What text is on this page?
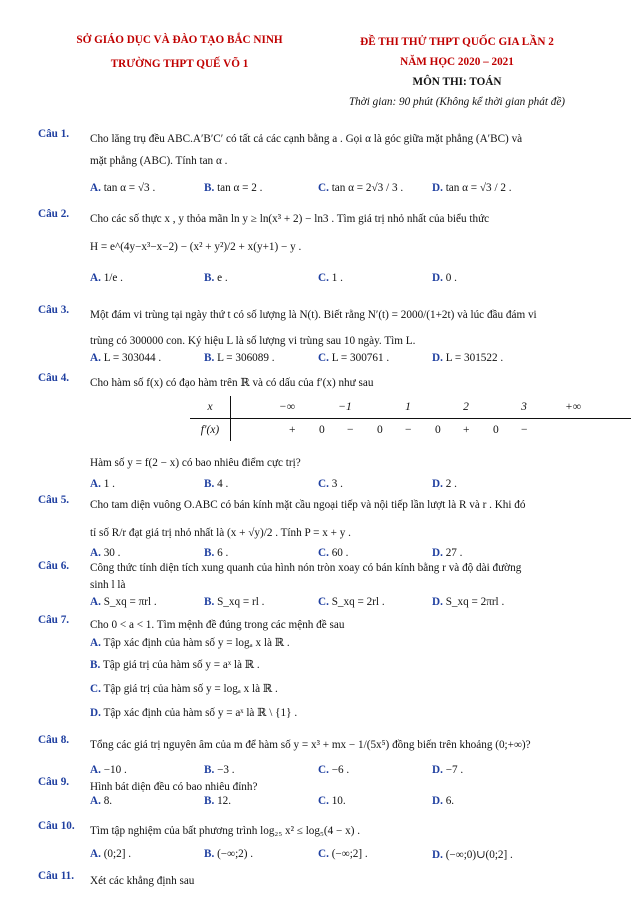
SỞ GIÁO DỤC VÀ ĐÀO TẠO BẮC NINH
TRƯỜNG THPT QUẾ VÕ 1
ĐỀ THI THỬ THPT QUỐC GIA LẦN 2
NĂM HỌC 2020 – 2021
MÔN THI: TOÁN
Thời gian: 90 phút (Không kể thời gian phát đề)
Câu 1.	Cho lăng trụ đều ABC.A′B′C′ có tất cả các cạnh bằng a . Gọi α là góc giữa mặt phẳng (A′BC) và
mặt phẳng (ABC). Tính tan α .
A. tan α = √3 .	B. tan α = 2 .	C. tan α = 2√3 / 3 .	D. tan α = √3 / 2 .
Câu 2.	Cho các số thực x , y thỏa mãn ln y ≥ ln(x³ + 2) − ln3 . Tìm giá trị nhỏ nhất của biểu thức
H = e^(4y−x³−x−2) − (x² + y²)/2 + x(y+1) − y .
A. 1/e .	B. e .	C. 1 .	D. 0 .
Câu 3.	Một đám vi trùng tại ngày thứ t có số lượng là N(t). Biết rằng N′(t) = 2000/(1+2t) và lúc đầu đám vi
trùng có 300000 con. Ký hiệu L là số lượng vi trùng sau 10 ngày. Tìm L.
A. L = 303044 .	B. L = 306089 .	C. L = 300761 .	D. L = 301522 .
Câu 4.	Cho hàm số f(x) có đạo hàm trên ℝ và có dấu của f′(x) như sau
x	−∞ −1 1 2 3 +∞
f′(x)	+ 0 − 0 − 0 + 0 −
Hàm số y = f(2 − x) có bao nhiêu điểm cực trị?
A. 1 .	B. 4 .	C. 3 .	D. 2 .
Câu 5.	Cho tam diện vuông O.ABC có bán kính mặt cầu ngoại tiếp và nội tiếp lần lượt là R và r . Khi đó
tỉ số R/r đạt giá trị nhỏ nhất là (x + √y)/2 . Tính P = x + y .
A. 30 .	B. 6 .	C. 60 .	D. 27 .
Câu 6.	Công thức tính diện tích xung quanh của hình nón tròn xoay có bán kính bằng r và độ dài đường
sinh l là
A. S_xq = πrl .	B. S_xq = rl .	C. S_xq = 2rl .	D. S_xq = 2πrl .
Câu 7.	Cho 0 < a < 1. Tìm mệnh đề đúng trong các mệnh đề sau
A. Tập xác định của hàm số y = logₐ x là ℝ .
B. Tập giá trị của hàm số y = aˣ là ℝ .
C. Tập giá trị của hàm số y = logₐ x là ℝ .
D. Tập xác định của hàm số y = aˣ là ℝ \ {1} .
Câu 8.	Tổng các giá trị nguyên âm của m để hàm số y = x³ + mx − 1/(5x⁵) đồng biến trên khoảng (0;+∞)?
A. −10 .	B. −3 .	C. −6 .	D. −7 .
Câu 9.	Hình bát diện đều có bao nhiêu đỉnh?
A. 8.	B. 12.	C. 10.	D. 6.
Câu 10.	Tìm tập nghiệm của bất phương trình log₂₅ x² ≤ log₅(4 − x) .
A. (0;2] .	B. (−∞;2) .	C. (−∞;2] .	D. (−∞;0)∪(0;2] .
Câu 11.	Xét các khẳng định sau
